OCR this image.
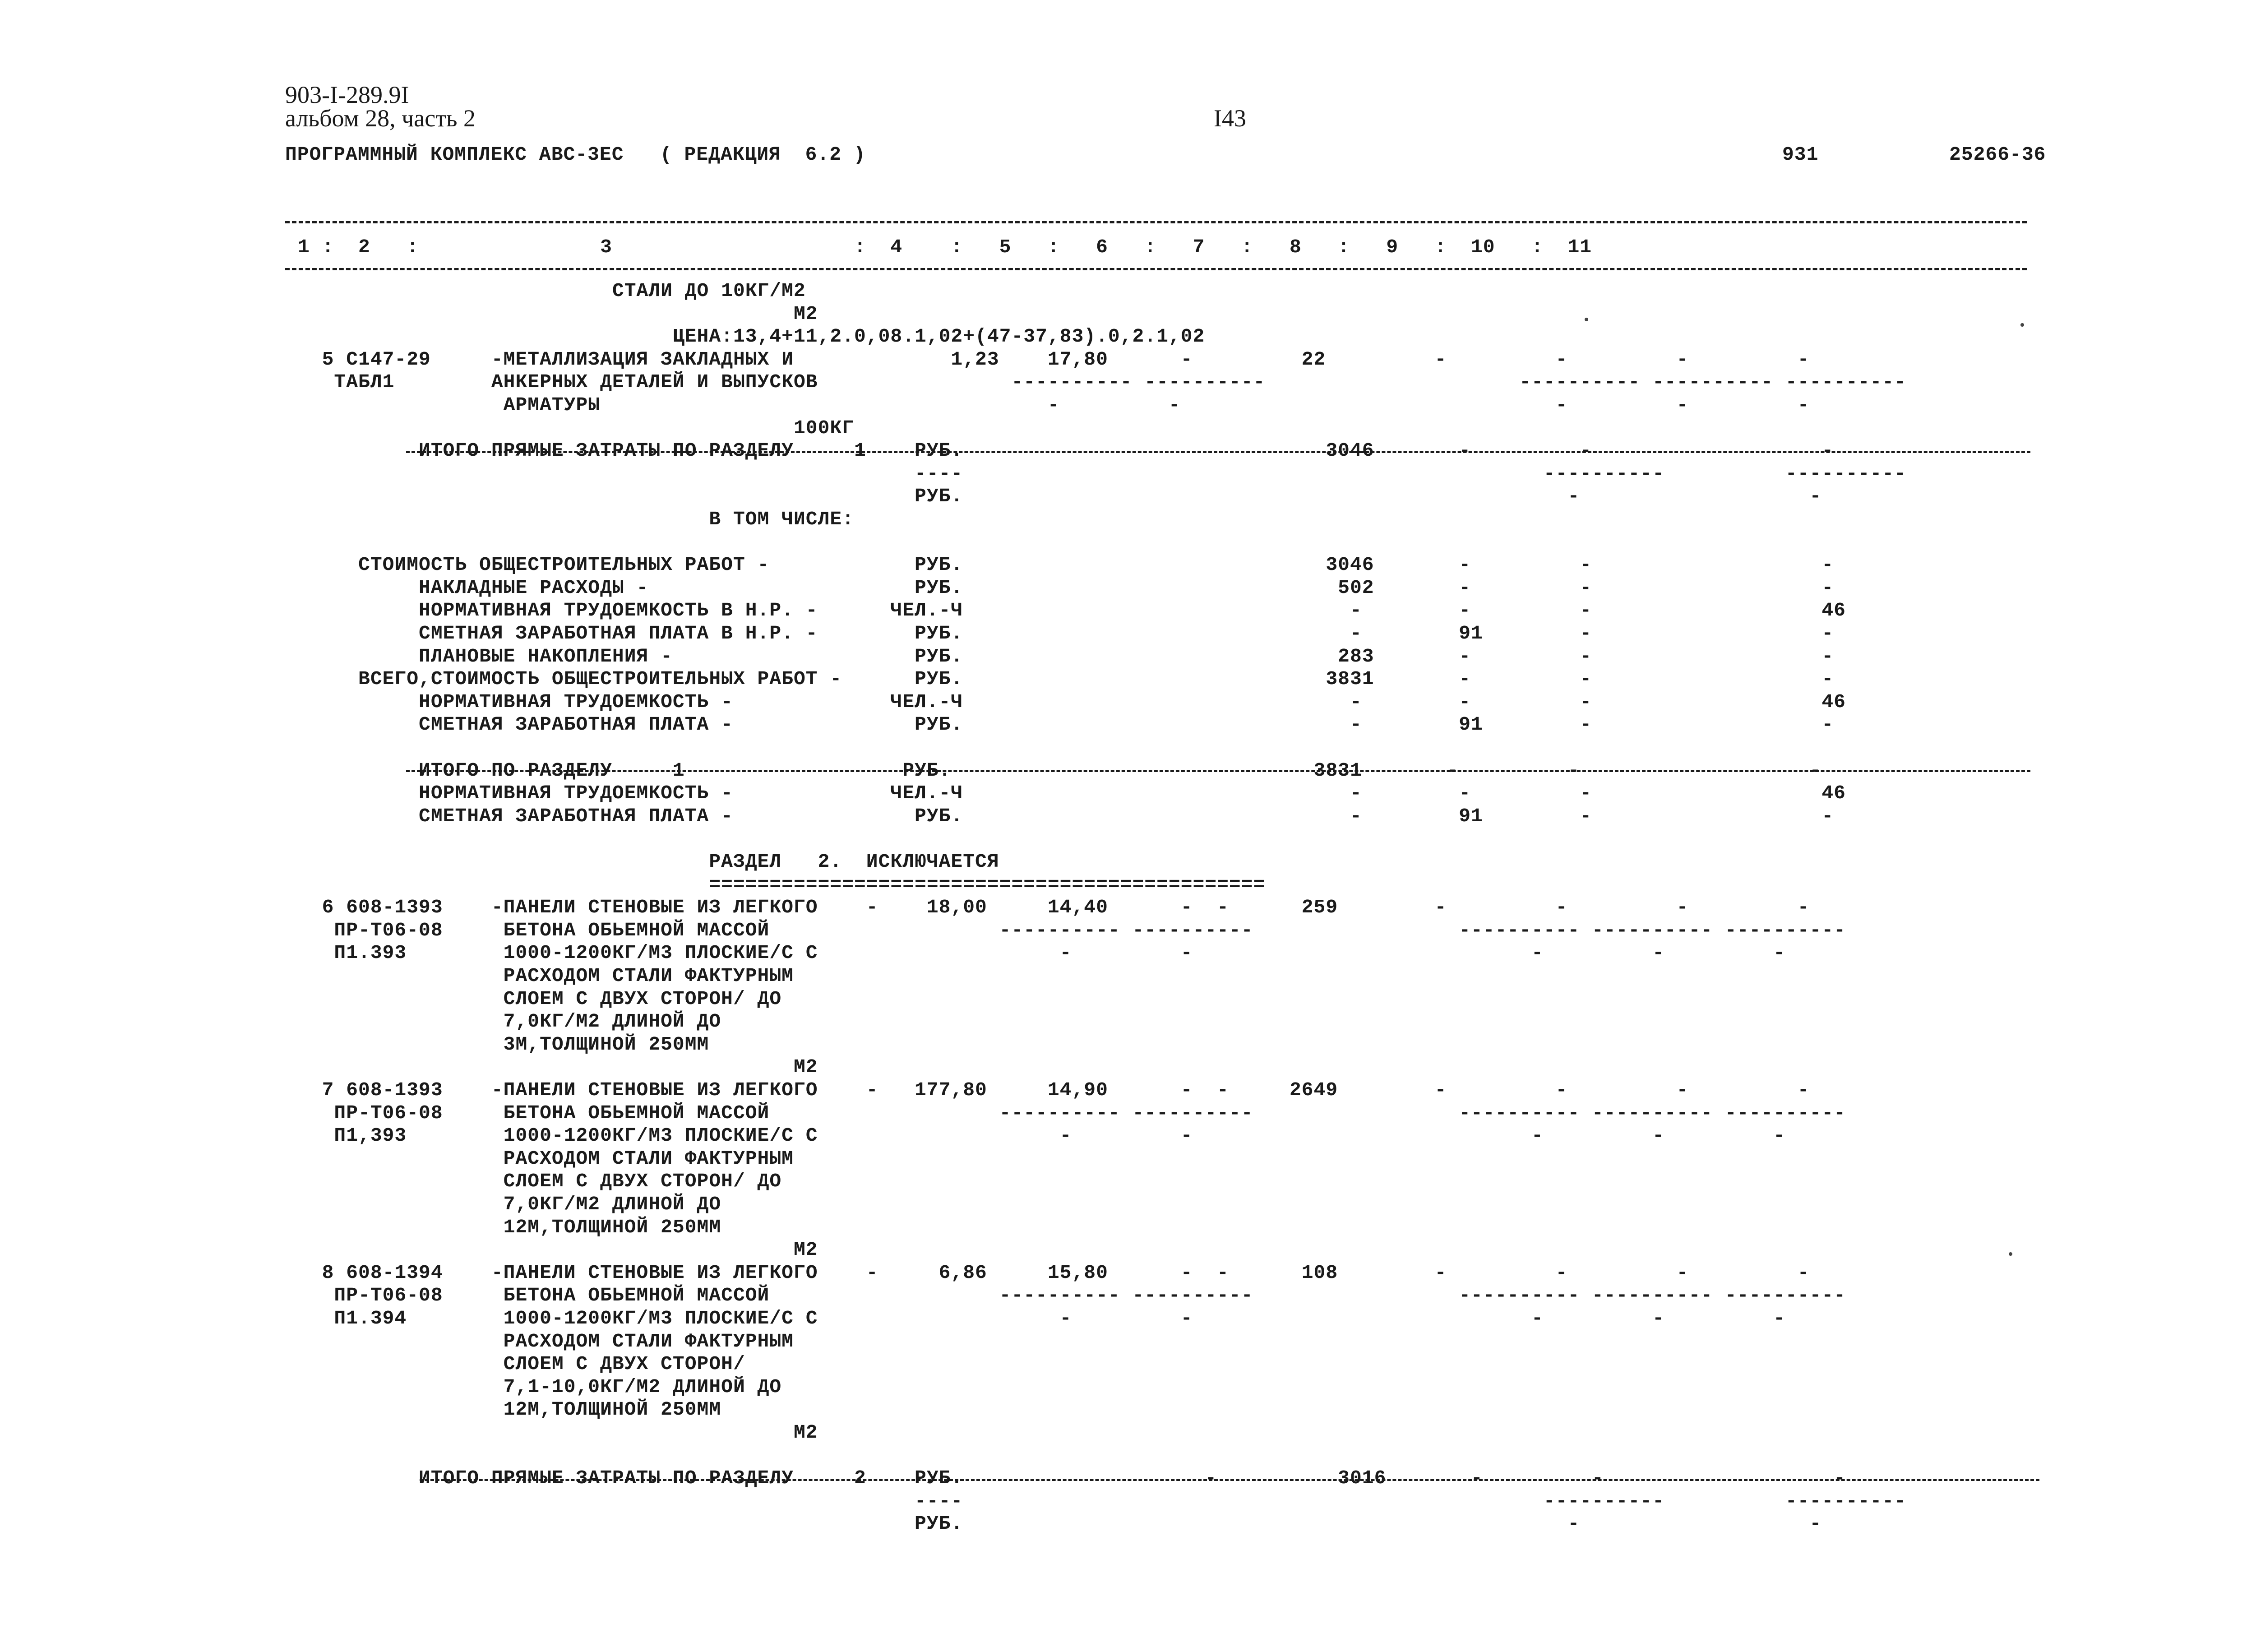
903-I-289.9I
альбом 28, часть 2	I43
ПРОГРАММНЫЙ КОМПЛЕКС АВС-3ЕС   ( РЕДАКЦИЯ  6.2 )	931	25266-36
1 :  2   :               3                    :  4    :   5   :   6   :   7   :   8   :   9   :  10   :  11
СТАЛИ ДО 10КГ/М2
М2
ЦЕНА:13,4+11,2.0,08.1,02+(47-37,83).0,2.1,02
5 С147-29     -МЕТАЛЛИЗАЦИЯ ЗАКЛАДНЫХ И             1,23    17,80      -         22         -         -         -         -
ТАБЛ1        АНКЕРНЫХ ДЕТАЛЕЙ И ВЫПУСКОВ                ---------- ----------                     ---------- ---------- ----------
АРМАТУРЫ                                     -         -                               -         -         -
100КГ
ИТОГО ПРЯМЫЕ ЗАТРАТЫ ПО РАЗДЕЛУ     1    РУБ.                              3046       -         -                   -
----                                                ----------          ----------
РУБ.                                                  -                   -
В ТОМ ЧИСЛЕ:
СТОИМОСТЬ ОБЩЕСТРОИТЕЛЬНЫХ РАБОТ -            РУБ.                              3046       -         -                   -
НАКЛАДНЫЕ РАСХОДЫ -                      РУБ.                               502       -         -                   -
НОРМАТИВНАЯ ТРУДОЕМКОСТЬ В Н.Р. -      ЧЕЛ.-Ч                                -        -         -                   46
СМЕТНАЯ ЗАРАБОТНАЯ ПЛАТА В Н.Р. -        РУБ.                                -        91        -                   -
ПЛАНОВЫЕ НАКОПЛЕНИЯ -                    РУБ.                               283       -         -                   -
ВСЕГО,СТОИМОСТЬ ОБЩЕСТРОИТЕЛЬНЫХ РАБОТ -      РУБ.                              3831       -         -                   -
НОРМАТИВНАЯ ТРУДОЕМКОСТЬ -             ЧЕЛ.-Ч                                -        -         -                   46
СМЕТНАЯ ЗАРАБОТНАЯ ПЛАТА -               РУБ.                                -        91        -                   -
ИТОГО ПО РАЗДЕЛУ     1                  РУБ.                              3831       -         -                   -
НОРМАТИВНАЯ ТРУДОЕМКОСТЬ -             ЧЕЛ.-Ч                                -        -         -                   46
СМЕТНАЯ ЗАРАБОТНАЯ ПЛАТА -               РУБ.                                -        91        -                   -
РАЗДЕЛ   2.  ИСКЛЮЧАЕТСЯ
==============================================
6 608-1393    -ПАНЕЛИ СТЕНОВЫЕ ИЗ ЛЕГКОГО    -    18,00     14,40      -  -      259        -         -         -         -
ПР-Т06-08     БЕТОНА ОБЬЕМНОЙ МАССОЙ                   ---------- ----------                 ---------- ---------- ----------
П1.393        1000-1200КГ/М3 ПЛОСКИЕ/С С                    -         -                            -         -         -
РАСХОДОМ СТАЛИ ФАКТУРНЫМ
СЛОЕМ С ДВУХ СТОРОН/ ДО
7,0КГ/М2 ДЛИНОЙ ДО
3М,ТОЛЩИНОЙ 250ММ
М2
7 608-1393    -ПАНЕЛИ СТЕНОВЫЕ ИЗ ЛЕГКОГО    -   177,80     14,90      -  -     2649        -         -         -         -
ПР-Т06-08     БЕТОНА ОБЬЕМНОЙ МАССОЙ                   ---------- ----------                 ---------- ---------- ----------
П1,393        1000-1200КГ/М3 ПЛОСКИЕ/С С                    -         -                            -         -         -
РАСХОДОМ СТАЛИ ФАКТУРНЫМ
СЛОЕМ С ДВУХ СТОРОН/ ДО
7,0КГ/М2 ДЛИНОЙ ДО
12М,ТОЛЩИНОЙ 250ММ
М2
8 608-1394    -ПАНЕЛИ СТЕНОВЫЕ ИЗ ЛЕГКОГО    -     6,86     15,80      -  -      108        -         -         -         -
ПР-Т06-08     БЕТОНА ОБЬЕМНОЙ МАССОЙ                   ---------- ----------                 ---------- ---------- ----------
П1.394        1000-1200КГ/М3 ПЛОСКИЕ/С С                    -         -                            -         -         -
РАСХОДОМ СТАЛИ ФАКТУРНЫМ
СЛОЕМ С ДВУХ СТОРОН/
7,1-10,0КГ/М2 ДЛИНОЙ ДО
12М,ТОЛЩИНОЙ 250ММ
М2
ИТОГО ПРЯМЫЕ ЗАТРАТЫ ПО РАЗДЕЛУ     2    РУБ.                    -          3016       -         -                   -
----                                                ----------          ----------
РУБ.                                                  -                   -
